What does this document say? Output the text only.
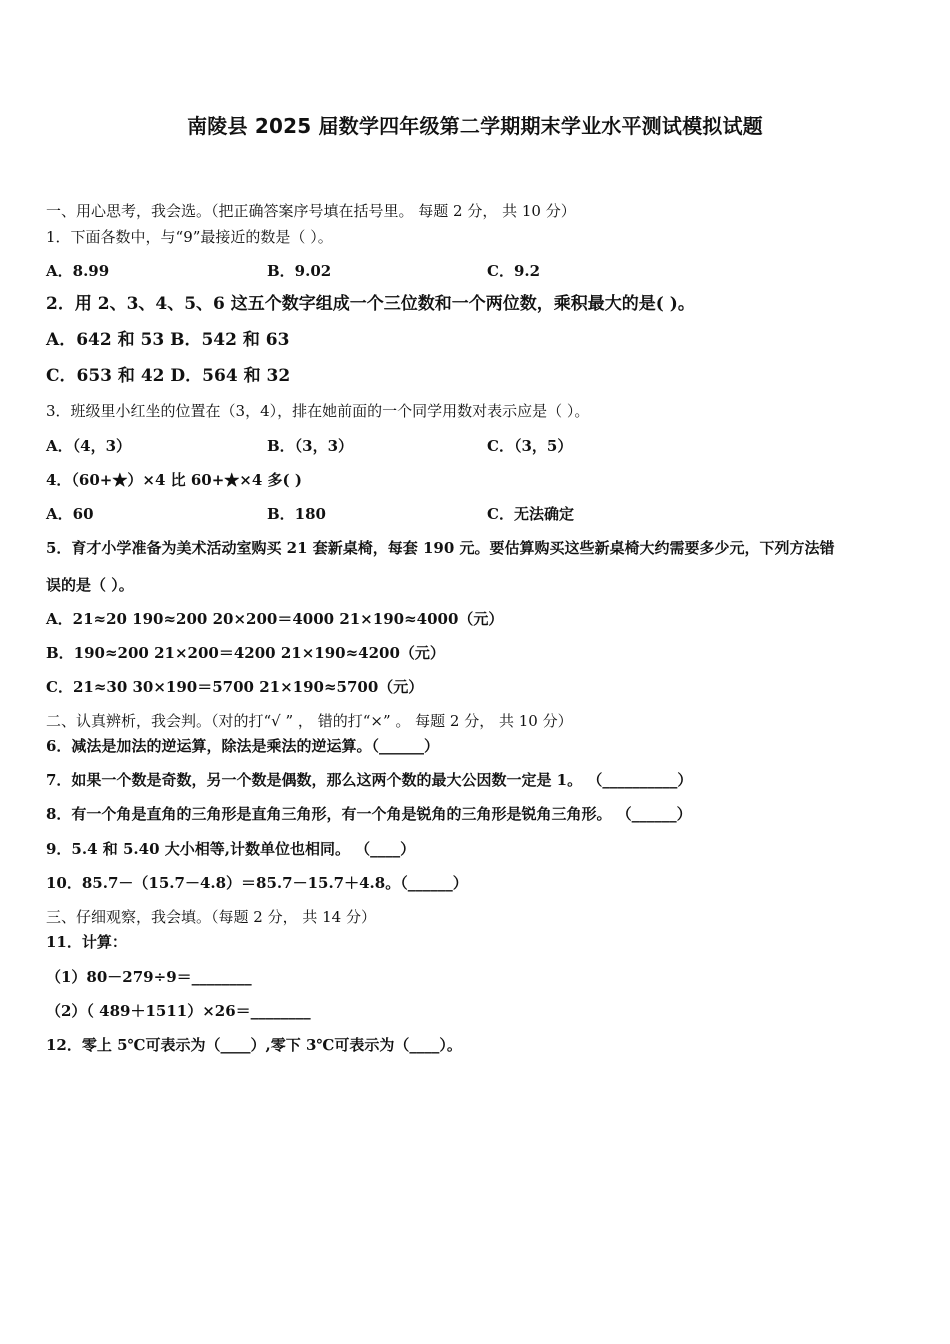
南陵县 2025 届数学四年级第二学期期末学业水平测试模拟试题
一、用心思考，我会选。（把正确答案序号填在括号里。 每题 2 分， 共 10 分）
1．下面各数中，与“9”最接近的数是（ ）。
A．8.99	B．9.02	C．9.2
2．用 2、3、4、5、6 这五个数字组成一个三位数和一个两位数，乘积最大的是( )。
A．642 和 53 B．542 和 63
C．653 和 42 D．564 和 32
3．班级里小红坐的位置在（3，4），排在她前面的一个同学用数对表示应是（ ）。
A．（4，3）	B．（3，3）	C．（3，5）
4．（60+★）×4 比 60+★×4 多( )
A．60	B．180	C．无法确定
5．育才小学准备为美术活动室购买 21 套新桌椅，每套 190 元。要估算购买这些新桌椅大约需要多少元，下列方法错
误的是（ ）。
A．21≈20 190≈200 20×200＝4000 21×190≈4000（元）
B．190≈200 21×200＝4200 21×190≈4200（元）
C．21≈30 30×190＝5700 21×190≈5700（元）
二、认真辨析，我会判。（对的打“√ ” ， 错的打“×” 。 每题 2 分， 共 10 分）
6．减法是加法的逆运算，除法是乘法的逆运算。（______）
7．如果一个数是奇数，另一个数是偶数，那么这两个数的最大公因数一定是 1。 （__________）
8．有一个角是直角的三角形是直角三角形，有一个角是锐角的三角形是锐角三角形。 （______）
9．5.4 和 5.40 大小相等,计数单位也相同。 （____）
10．85.7－（15.7－4.8）＝85.7－15.7＋4.8。（______）
三、仔细观察，我会填。（每题 2 分， 共 14 分）
11．计算：
（1）80－279÷9＝________
（2）（ 489＋1511）×26＝________
12．零上 5℃可表示为（____）,零下 3℃可表示为（____）。
